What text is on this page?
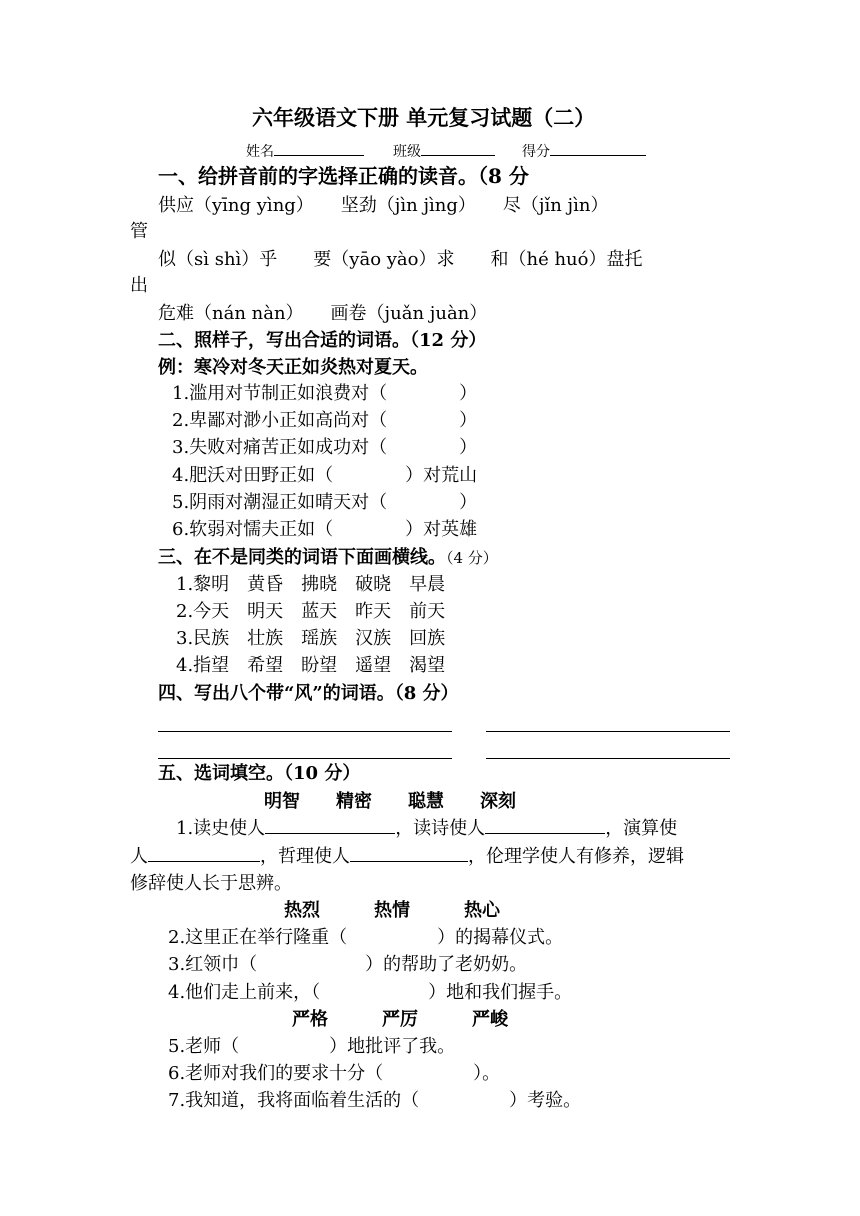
六年级语文下册 单元复习试题（二）
姓名	班级	得分
一、给拼音前的字选择正确的读音。（8 分
供应（yīng yìng）　　坚劲（jìn jìng）　　尽（jǐn jìn）
管
似（sì shì）乎　　要（yāo yào）求　　和（hé huó）盘托
出
危难（nán nàn）　　画卷（juǎn juàn）
二、照样子，写出合适的词语。（12 分）
例：寒冷对冬天正如炎热对夏天。
1.滥用对节制正如浪费对（　　　　）
2.卑鄙对渺小正如高尚对（　　　　）
3.失败对痛苦正如成功对（　　　　）
4.肥沃对田野正如（　　　　）对荒山
5.阴雨对潮湿正如晴天对（　　　　）
6.软弱对懦夫正如（　　　　）对英雄
三、在不是同类的词语下面画横线。（4 分）
1.黎明　黄昏　拂晓　破晓　早晨
2.今天　明天　蓝天　昨天　前天
3.民族　壮族　瑶族　汉族　回族
4.指望　希望　盼望　遥望　渴望
四、写出八个带“风”的词语。（8 分）
五、选词填空。（10 分）
明智　　精密　　聪慧　　深刻
1.读史使人	，读诗使人	，演算使
人	，哲理使人	，伦理学使人有修养，逻辑
修辞使人长于思辨。
热烈　　　热情　　　热心
2.这里正在举行隆重（　　　　　）的揭幕仪式。
3.红领巾（　　　　　　）的帮助了老奶奶。
4.他们走上前来，（　　　　　　）地和我们握手。
严格　　　严厉　　　严峻
5.老师（　　　　　）地批评了我。
6.老师对我们的要求十分（　　　　　）。
7.我知道，我将面临着生活的（　　　　　）考验。
